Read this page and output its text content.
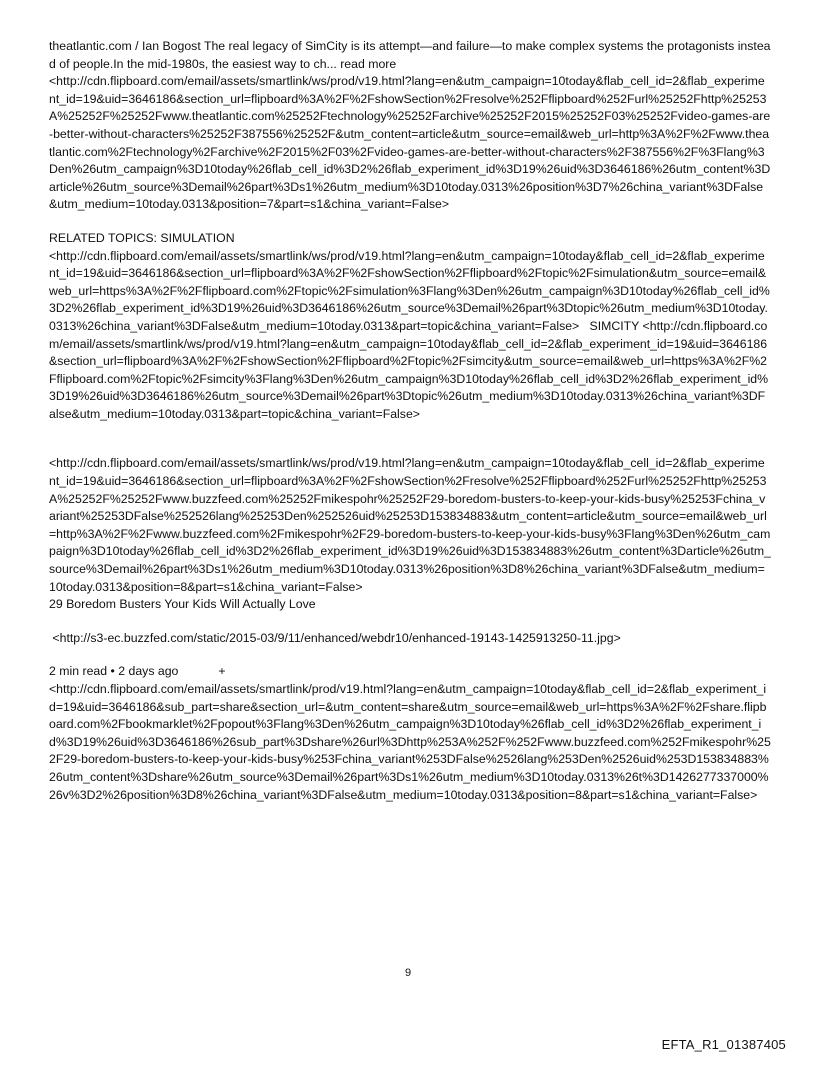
theatlantic.com / Ian Bogost The real legacy of SimCity is its attempt—and failure—to make complex systems the protagonists instead of people.In the mid-1980s, the easiest way to ch... read more

<http://cdn.flipboard.com/email/assets/smartlink/ws/prod/v19.html?lang=en&utm_campaign=10today&flab_cell_id=2&flab_experiment_id=19&uid=3646186&section_url=flipboard%3A%2F%2FshowSection%2Fresolve%252Fflipboard%252Furl%25252Fhttp%25253A%25252F%25252Fwww.theatlantic.com%25252Ftechnology%25252Farchive%25252F2015%25252F03%25252Fvideo-games-are-better-without-characters%25252F387556%25252F&utm_content=article&utm_source=email&web_url=http%3A%2F%2Fwww.theatlantic.com%2Ftechnology%2Farchive%2F2015%2F03%2Fvideo-games-are-better-without-characters%2F387556%2F%3Flang%3Den%26utm_campaign%3D10today%26flab_cell_id%3D2%26flab_experiment_id%3D19%26uid%3D3646186%26utm_content%3Darticle%26utm_source%3Demail%26part%3Ds1%26utm_medium%3D10today.0313%26position%3D7%26china_variant%3DFalse&utm_medium=10today.0313&position=7&part=s1&china_variant=False>

RELATED TOPICS: SIMULATION

<http://cdn.flipboard.com/email/assets/smartlink/ws/prod/v19.html?lang=en&utm_campaign=10today&flab_cell_id=2&flab_experiment_id=19&uid=3646186&section_url=flipboard%3A%2F%2FshowSection%2Fflipboard%2Ftopic%2Fsimulation&utm_source=email&web_url=https%3A%2F%2Fflipboard.com%2Ftopic%2Fsimulation%3Flang%3Den%26utm_campaign%3D10today%26flab_cell_id%3D2%26flab_experiment_id%3D19%26uid%3D3646186%26utm_source%3Demail%26part%3Dtopic%26utm_medium%3D10today.0313%26china_variant%3DFalse&utm_medium=10today.0313&part=topic&china_variant=False>   SIMCITY <http://cdn.flipboard.com/email/assets/smartlink/ws/prod/v19.html?lang=en&utm_campaign=10today&flab_cell_id=2&flab_experiment_id=19&uid=3646186&section_url=flipboard%3A%2F%2FshowSection%2Fflipboard%2Ftopic%2Fsimcity&utm_source=email&web_url=https%3A%2F%2Fflipboard.com%2Ftopic%2Fsimcity%3Flang%3Den%26utm_campaign%3D10today%26flab_cell_id%3D2%26flab_experiment_id%3D19%26uid%3D3646186%26utm_source%3Demail%26part%3Dtopic%26utm_medium%3D10today.0313%26china_variant%3DFalse&utm_medium=10today.0313&part=topic&china_variant=False>

<http://cdn.flipboard.com/email/assets/smartlink/ws/prod/v19.html?lang=en&utm_campaign=10today&flab_cell_id=2&flab_experiment_id=19&uid=3646186&section_url=flipboard%3A%2F%2FshowSection%2Fresolve%252Fflipboard%252Furl%25252Fhttp%25253A%25252F%25252Fwww.buzzfeed.com%25252Fmikespohr%25252F29-boredom-busters-to-keep-your-kids-busy%25253Fchina_variant%25253DFalse%252526lang%25253Den%252526uid%25253D153834883&utm_content=article&utm_source=email&web_url=http%3A%2F%2Fwww.buzzfeed.com%2Fmikespohr%2F29-boredom-busters-to-keep-your-kids-busy%3Flang%3Den%26utm_campaign%3D10today%26flab_cell_id%3D2%26flab_experiment_id%3D19%26uid%3D153834883%26utm_content%3Darticle%26utm_source%3Demail%26part%3Ds1%26utm_medium%3D10today.0313%26position%3D8%26china_variant%3DFalse&utm_medium=10today.0313&position=8&part=s1&china_variant=False>

29 Boredom Busters Your Kids Will Actually Love

<http://s3-ec.buzzfed.com/static/2015-03/9/11/enhanced/webdr10/enhanced-19143-1425913250-11.jpg>

2 min read • 2 days ago	+

<http://cdn.flipboard.com/email/assets/smartlink/prod/v19.html?lang=en&utm_campaign=10today&flab_cell_id=2&flab_experiment_id=19&uid=3646186&sub_part=share&section_url=&utm_content=share&utm_source=email&web_url=https%3A%2F%2Fshare.flipboard.com%2Fbookmarklet%2Fpopout%3Flang%3Den%26utm_campaign%3D10today%26flab_cell_id%3D2%26flab_experiment_id%3D19%26uid%3D3646186%26sub_part%3Dshare%26url%3Dhttp%253A%252F%252Fwww.buzzfeed.com%252Fmikespohr%252F29-boredom-busters-to-keep-your-kids-busy%253Fchina_variant%253DFalse%2526lang%253Den%2526uid%253D153834883%26utm_content%3Dshare%26utm_source%3Demail%26part%3Ds1%26utm_medium%3D10today.0313%26t%3D1426277337000%26v%3D2%26position%3D8%26china_variant%3DFalse&utm_medium=10today.0313&position=8&part=s1&china_variant=False>

9
EFTA_R1_01387405
